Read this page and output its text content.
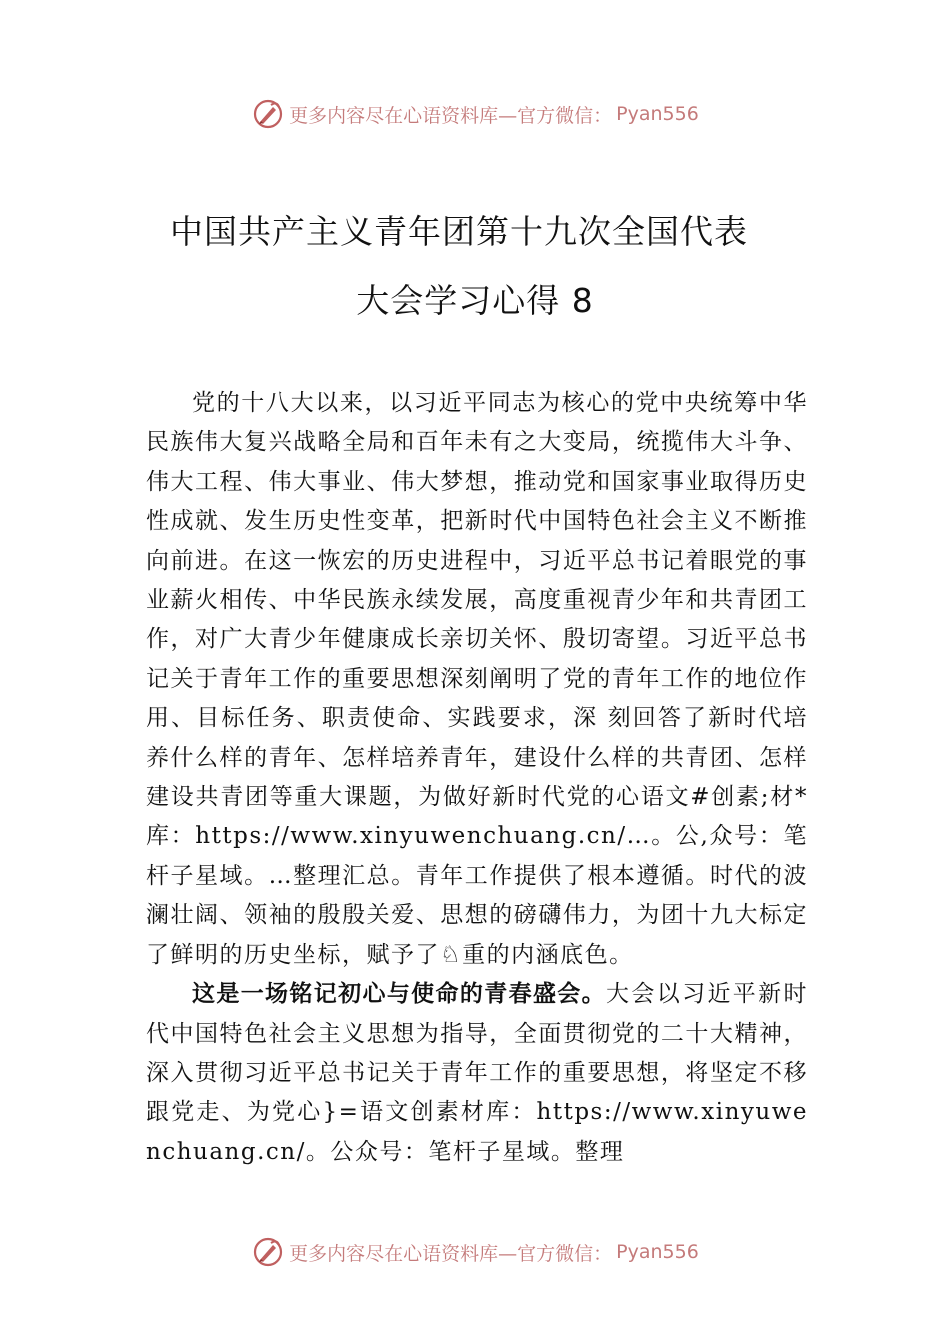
更多内容尽在心语资料库—官方微信： Pyan556
中国共产主义青年团第十九次全国代表
大会学习心得 8

党的十八大以来，以习近平同志为核心的党中央统筹中华民族伟大复兴战略全局和百年未有之大变局，统揽伟大斗争、伟大工程、伟大事业、伟大梦想，推动党和国家事业取得历史性成就、发生历史性变革，把新时代中国特色社会主义不断推向前进。在这一恢宏的历史进程中，习近平总书记着眼党的事业薪火相传、中华民族永续发展，高度重视青少年和共青团工作，对广大青少年健康成长亲切关怀、殷切寄望。习近平总书记关于青年工作的重要思想深刻阐明了党的青年工作的地位作用、目标任务、职责使命、实践要求，深 刻回答了新时代培养什么样的青年、怎样培养青年，建设什么样的共青团、怎样建设共青团等重大课题，为做好新时代党的心语文#创素;材*库：https://www.xinyuwenchuang.cn/…。公,众号：笔杆子星域。…整理汇总。青年工作提供了根本遵循。时代的波澜壮阔、领袖的殷殷关爱、思想的磅礴伟力，为团十九大标定了鲜明的历史坐标，赋予了♘重的内涵底色。

这是一场铭记初心与使命的青春盛会。大会以习近平新时代中国特色社会主义思想为指导，全面贯彻党的二十大精神，深入贯彻习近平总书记关于青年工作的重要思想，将坚定不移跟党走、为党心}=语文创素材库：https://www.xinyuwenchuang.cn/。公众号：笔杆子星域。整理

更多内容尽在心语资料库—官方微信： Pyan556
